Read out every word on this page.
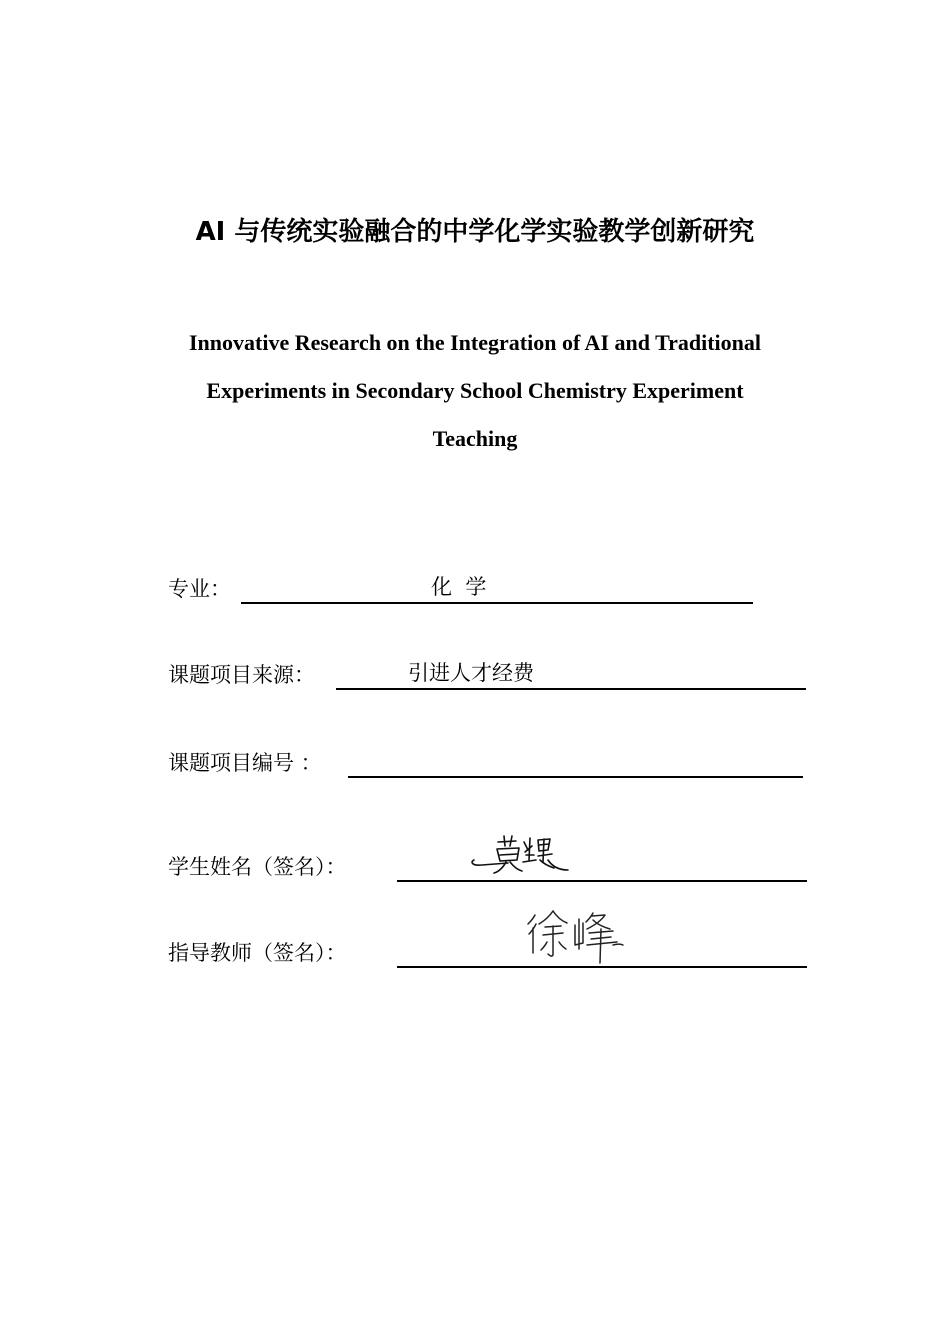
AI 与传统实验融合的中学化学实验教学创新研究
Innovative Research on the Integration of AI and Traditional
Experiments in Secondary School Chemistry Experiment
Teaching
专业：	化  学
课题项目来源：	引进人才经费
课题项目编号 ：
学生姓名（签名）：
指导教师（签名）：
